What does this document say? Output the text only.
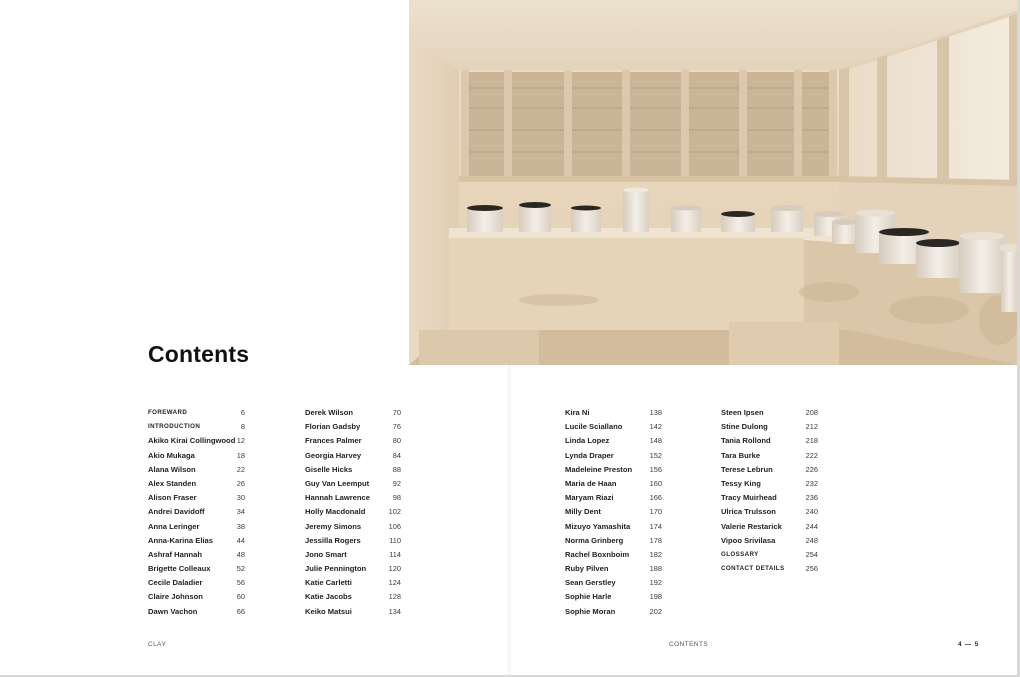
Contents
FOREWARD	6
INTRODUCTION	8
Akiko Kirai Collingwood 12
Akio Mukaga	18
Alana Wilson	22
Alex Standen	26
Alison Fraser	30
Andrei Davidoff	34
Anna Leringer	38
Anna-Karina Elias	44
Ashraf Hannah	48
Brigette Colleaux	52
Cecile Daladier	56
Claire Johnson	60
Dawn Vachon	66
Derek Wilson	70
Florian Gadsby	76
Frances Palmer	80
Georgia Harvey	84
Giselle Hicks	88
Guy Van Leemput	92
Hannah Lawrence	98
Holly Macdonald	102
Jeremy Simons	106
Jessilla Rogers	110
Jono Smart	114
Julie Pennington	120
Katie Carletti	124
Katie Jacobs	128
Keiko Matsui	134
Kira Ni	138
Lucile Sciallano	142
Linda Lopez	148
Lynda Draper	152
Madeleine Preston 156
Maria de Haan	160
Maryam Riazi	166
Milly Dent	170
Mizuyo Yamashita	174
Norma Grinberg	178
Rachel Boxnboim	182
Ruby Pilven	188
Sean Gerstley	192
Sophie Harle	198
Sophie Moran	202
Steen Ipsen	208
Stine Dulong	212
Tania Rollond	218
Tara Burke	222
Terese Lebrun	226
Tessy King	232
Tracy Muirhead	236
Ulrica Trulsson	240
Valerie Restarick	244
Vipoo Srivilasa	248
GLOSSARY	254
CONTACT DETAILS	256
CLAY	CONTENTS	4 — 5
